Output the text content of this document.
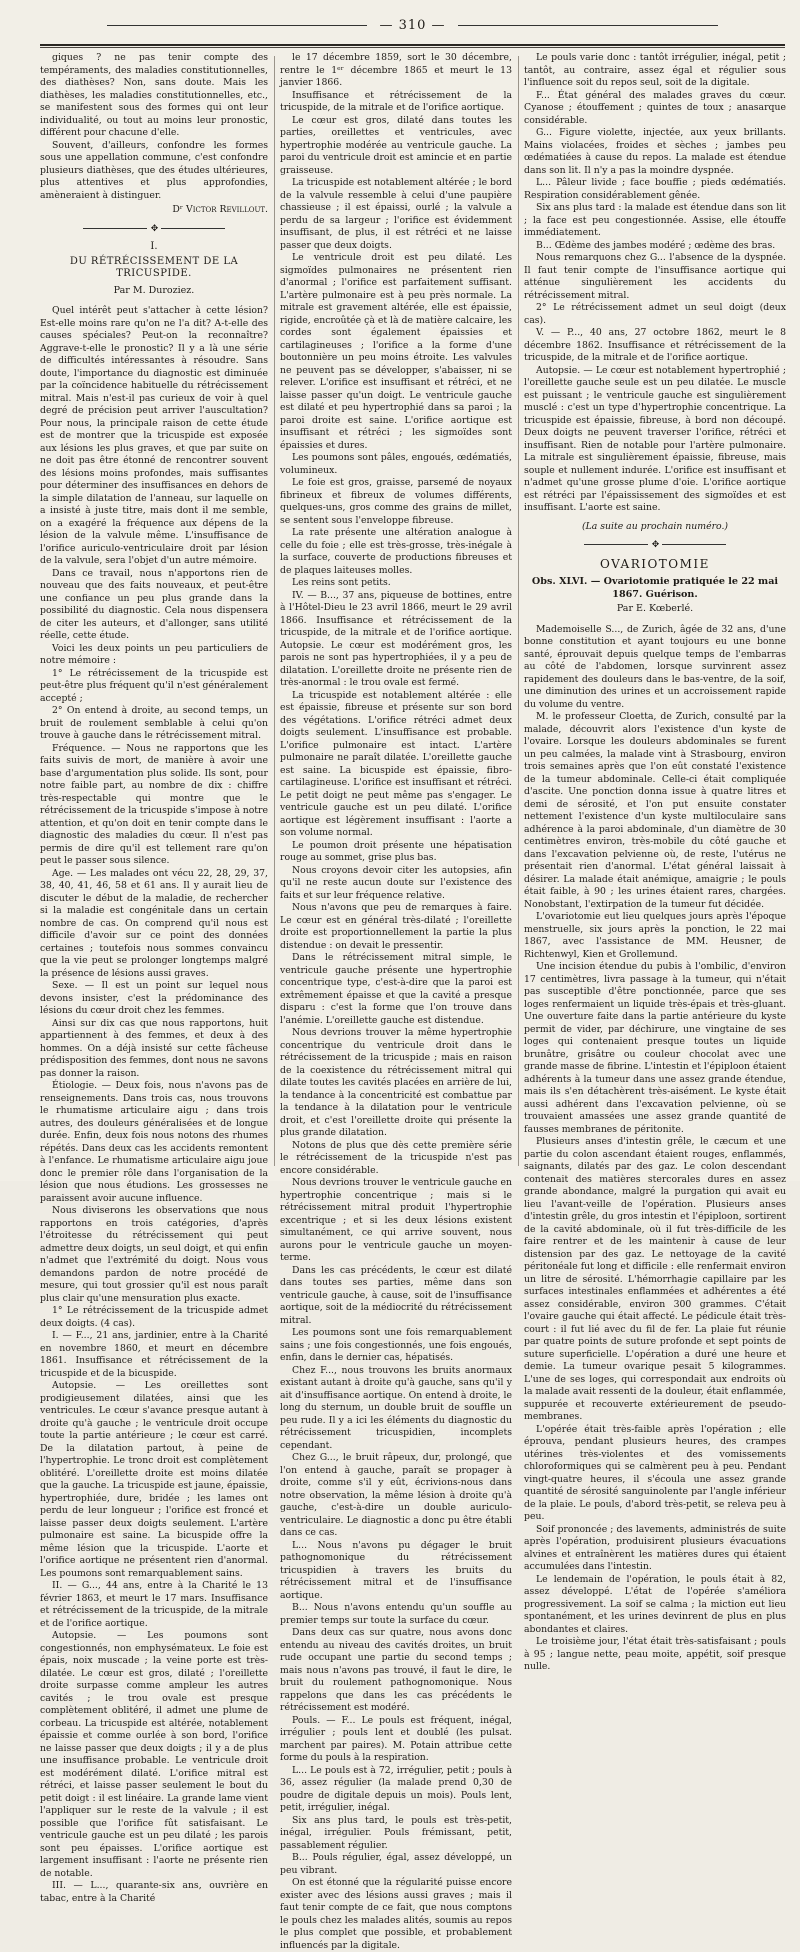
— 310 —

giques ? ne pas tenir compte des tempéraments, des maladies constitutionnelles, des diathèses? Non, sans doute. Mais les diathèses, les maladies constitutionnelles, etc., se manifestent sous des formes qui ont leur individualité, ou tout au moins leur pronostic, différent pour chacune d'elle.

Souvent, d'ailleurs, confondre les formes sous une appellation commune, c'est confondre plusieurs diathèses, que des études ultérieures, plus attentives et plus approfondies, amèneraient à distinguer.

Dʳ Victor Revillout.
✥
I.
DU RÉTRÉCISSEMENT DE LA TRICUSPIDE.
Par M. Duroziez.

Quel intérêt peut s'attacher à cette lésion? Est-elle moins rare qu'on ne l'a dit? A-t-elle des causes spéciales? Peut-on la reconnaître? Aggrave-t-elle le pronostic? Il y a là une série de difficultés intéressantes à résoudre. Sans doute, l'importance du diagnostic est diminuée par la coïncidence habituelle du rétrécissement mitral. Mais n'est-il pas curieux de voir à quel degré de précision peut arriver l'auscultation? Pour nous, la principale raison de cette étude est de montrer que la tricuspide est exposée aux lésions les plus graves, et que par suite on ne doit pas être étonné de rencontrer souvent des lésions moins profondes, mais suffisantes pour déterminer des insuffisances en dehors de la simple dilatation de l'anneau, sur laquelle on a insisté à juste titre, mais dont il me semble, on a exagéré la fréquence aux dépens de la lésion de la valvule même. L'insuffisance de l'orifice auriculo-ventriculaire droit par lésion de la valvule, sera l'objet d'un autre mémoire.

Dans ce travail, nous n'apportons rien de nouveau que des faits nouveaux, et peut-être une confiance un peu plus grande dans la possibilité du diagnostic. Cela nous dispensera de citer les auteurs, et d'allonger, sans utilité réelle, cette étude.

Voici les deux points un peu particuliers de notre mémoire :

1° Le rétrécissement de la tricuspide est peut-être plus fréquent qu'il n'est généralement accepté ;

2° On entend à droite, au second temps, un bruit de roulement semblable à celui qu'on trouve à gauche dans le rétrécissement mitral.

Fréquence. — Nous ne rapportons que les faits suivis de mort, de manière à avoir une base d'argumentation plus solide. Ils sont, pour notre faible part, au nombre de dix : chiffre très-respectable qui montre que le rétrécissement de la tricuspide s'impose à notre attention, et qu'on doit en tenir compte dans le diagnostic des maladies du cœur. Il n'est pas permis de dire qu'il est tellement rare qu'on peut le passer sous silence.

Age. — Les malades ont vécu 22, 28, 29, 37, 38, 40, 41, 46, 58 et 61 ans. Il y aurait lieu de discuter le début de la maladie, de rechercher si la maladie est congénitale dans un certain nombre de cas. On comprend qu'il nous est difficile d'avoir sur ce point des données certaines ; toutefois nous sommes convaincu que la vie peut se prolonger longtemps malgré la présence de lésions aussi graves.

Sexe. — Il est un point sur lequel nous devons insister, c'est la prédominance des lésions du cœur droit chez les femmes.

Ainsi sur dix cas que nous rapportons, huit appartiennent à des femmes, et deux à des hommes. On a déjà insisté sur cette fâcheuse prédisposition des femmes, dont nous ne savons pas donner la raison.

Étiologie. — Deux fois, nous n'avons pas de renseignements. Dans trois cas, nous trouvons le rhumatisme articulaire aigu ; dans trois autres, des douleurs généralisées et de longue durée. Enfin, deux fois nous notons des rhumes répétés. Dans deux cas les accidents remontent à l'enfance. Le rhumatisme articulaire aigu joue donc le premier rôle dans l'organisation de la lésion que nous étudions. Les grossesses ne paraissent avoir aucune influence.

Nous diviserons les observations que nous rapportons en trois catégories, d'après l'étroitesse du rétrécissement qui peut admettre deux doigts, un seul doigt, et qui enfin n'admet que l'extrémité du doigt. Nous vous demandons pardon de notre procédé de mesure, qui tout grossier qu'il est nous paraît plus clair qu'une mensuration plus exacte.

1° Le rétrécissement de la tricuspide admet deux doigts. (4 cas).

I. — F..., 21 ans, jardinier, entre à la Charité en novembre 1860, et meurt en décembre 1861. Insuffisance et rétrécissement de la tricuspide et de la bicuspide.

Autopsie. — Les oreillettes sont prodigieusement dilatées, ainsi que les ventricules. Le cœur s'avance presque autant à droite qu'à gauche ; le ventricule droit occupe toute la partie antérieure ; le cœur est carré. De la dilatation partout, à peine de l'hypertrophie. Le tronc droit est complètement oblitéré. L'oreillette droite est moins dilatée que la gauche. La tricuspide est jaune, épaissie, hypertrophiée, dure, bridée ; les lames ont perdu de leur longueur ; l'orifice est froncé et laisse passer deux doigts seulement. L'artère pulmonaire est saine. La bicuspide offre la même lésion que la tricuspide. L'aorte et l'orifice aortique ne présentent rien d'anormal. Les poumons sont remarquablement sains.

II. — G..., 44 ans, entre à la Charité le 13 février 1863, et meurt le 17 mars. Insuffisance et rétrécissement de la tricuspide, de la mitrale et de l'orifice aortique.

Autopsie. — Les poumons sont congestionnés, non emphysémateux. Le foie est épais, noix muscade ; la veine porte est très-dilatée. Le cœur est gros, dilaté ; l'oreillette droite surpasse comme ampleur les autres cavités ; le trou ovale est presque complètement oblitéré, il admet une plume de corbeau. La tricuspide est altérée, notablement épaissie et comme ourlée à son bord, l'orifice ne laisse passer que deux doigts ; il y a de plus une insuffisance probable. Le ventricule droit est modérément dilaté. L'orifice mitral est rétréci, et laisse passer seulement le bout du petit doigt : il est linéaire. La grande lame vient l'appliquer sur le reste de la valvule ; il est possible que l'orifice fût satisfaisant. Le ventricule gauche est un peu dilaté ; les parois sont peu épaisses. L'orifice aortique est largement insuffisant : l'aorte ne présente rien de notable.

III. — L..., quarante-six ans, ouvrière en tabac, entre à la Charité

le 17 décembre 1859, sort le 30 décembre, rentre le 1ᵉʳ décembre 1865 et meurt le 13 janvier 1866.

Insuffisance et rétrécissement de la tricuspide, de la mitrale et de l'orifice aortique.

Le cœur est gros, dilaté dans toutes les parties, oreillettes et ventricules, avec hypertrophie modérée au ventricule gauche. La paroi du ventricule droit est amincie et en partie graisseuse.

La tricuspide est notablement altérée ; le bord de la valvule ressemble à celui d'une paupière chassieuse ; il est épaissi, ourlé ; la valvule a perdu de sa largeur ; l'orifice est évidemment insuffisant, de plus, il est rétréci et ne laisse passer que deux doigts.

Le ventricule droit est peu dilaté. Les sigmoïdes pulmonaires ne présentent rien d'anormal ; l'orifice est parfaitement suffisant. L'artère pulmonaire est à peu près normale. La mitrale est gravement altérée, elle est épaissie, rigide, encroûtée çà et là de matière calcaire, les cordes sont également épaissies et cartilagineuses ; l'orifice a la forme d'une boutonnière un peu moins étroite. Les valvules ne peuvent pas se développer, s'abaisser, ni se relever. L'orifice est insuffisant et rétréci, et ne laisse passer qu'un doigt. Le ventricule gauche est dilaté et peu hypertrophié dans sa paroi ; la paroi droite est saine. L'orifice aortique est insuffisant et rétréci ; les sigmoïdes sont épaissies et dures.

Les poumons sont pâles, engoués, œdématiés, volumineux.

Le foie est gros, graisse, parsemé de noyaux fibrineux et fibreux de volumes différents, quelques-uns, gros comme des grains de millet, se sentent sous l'enveloppe fibreuse.

La rate présente une altération analogue à celle du foie ; elle est très-grosse, très-inégale à la surface, couverte de productions fibreuses et de plaques laiteuses molles.

Les reins sont petits.

IV. — B..., 37 ans, piqueuse de bottines, entre à l'Hôtel-Dieu le 23 avril 1866, meurt le 29 avril 1866. Insuffisance et rétrécissement de la tricuspide, de la mitrale et de l'orifice aortique. Autopsie. Le cœur est modérément gros, les parois ne sont pas hypertrophiées, il y a peu de dilatation. L'oreillette droite ne présente rien de très-anormal : le trou ovale est fermé.

La tricuspide est notablement altérée : elle est épaissie, fibreuse et présente sur son bord des végétations. L'orifice rétréci admet deux doigts seulement. L'insuffisance est probable. L'orifice pulmonaire est intact. L'artère pulmonaire ne paraît dilatée. L'oreillette gauche est saine. La bicuspide est épaissie, fibro-cartilagineuse. L'orifice est insuffisant et rétréci. Le petit doigt ne peut même pas s'engager. Le ventricule gauche est un peu dilaté. L'orifice aortique est légèrement insuffisant : l'aorte a son volume normal.

Le poumon droit présente une hépatisation rouge au sommet, grise plus bas.

Nous croyons devoir citer les autopsies, afin qu'il ne reste aucun doute sur l'existence des faits et sur leur fréquence relative.

Nous n'avons que peu de remarques à faire. Le cœur est en général très-dilaté ; l'oreillette droite est proportionnellement la partie la plus distendue : on devait le pressentir.

Dans le rétrécissement mitral simple, le ventricule gauche présente une hypertrophie concentrique type, c'est-à-dire que la paroi est extrêmement épaisse et que la cavité a presque disparu : c'est la forme que l'on trouve dans l'anémie. L'oreillette gauche est distendue.

Nous devrions trouver la même hypertrophie concentrique du ventricule droit dans le rétrécissement de la tricuspide ; mais en raison de la coexistence du rétrécissement mitral qui dilate toutes les cavités placées en arrière de lui, la tendance à la concentricité est combattue par la tendance à la dilatation pour le ventricule droit, et c'est l'oreillette droite qui présente la plus grande dilatation.

Notons de plus que dès cette première série le rétrécissement de la tricuspide n'est pas encore considérable.

Nous devrions trouver le ventricule gauche en hypertrophie concentrique ; mais si le rétrécissement mitral produit l'hypertrophie excentrique ; et si les deux lésions existent simultanément, ce qui arrive souvent, nous aurons pour le ventricule gauche un moyen-terme.

Dans les cas précédents, le cœur est dilaté dans toutes ses parties, même dans son ventricule gauche, à cause, soit de l'insuffisance aortique, soit de la médiocrité du rétrécissement mitral.

Les poumons sont une fois remarquablement sains ; une fois congestionnés, une fois engoués, enfin, dans le dernier cas, hépatisés.

Chez F..., nous trouvons les bruits anormaux existant autant à droite qu'à gauche, sans qu'il y ait d'insuffisance aortique. On entend à droite, le long du sternum, un double bruit de souffle un peu rude. Il y a ici les éléments du diagnostic du rétrécissement tricuspidien, incomplets cependant.

Chez G..., le bruit râpeux, dur, prolongé, que l'on entend à gauche, paraît se propager à droite, comme s'il y eût, écrivions-nous dans notre observation, la même lésion à droite qu'à gauche, c'est-à-dire un double auriculo-ventriculaire. Le diagnostic a donc pu être établi dans ce cas.

L... Nous n'avons pu dégager le bruit pathognomonique du rétrécissement tricuspidien à travers les bruits du rétrécissement mitral et de l'insuffisance aortique.

B... Nous n'avons entendu qu'un souffle au premier temps sur toute la surface du cœur.

Dans deux cas sur quatre, nous avons donc entendu au niveau des cavités droites, un bruit rude occupant une partie du second temps ; mais nous n'avons pas trouvé, il faut le dire, le bruit du roulement pathognomonique. Nous rappelons que dans les cas précédents le rétrécissement est modéré.

Pouls. — F... Le pouls est fréquent, inégal, irrégulier ; pouls lent et doublé (les pulsat. marchent par paires). M. Potain attribue cette forme du pouls à la respiration.

L... Le pouls est à 72, irrégulier, petit ; pouls à 36, assez régulier (la malade prend 0,30 de poudre de digitale depuis un mois). Pouls lent, petit, irrégulier, inégal.

Six ans plus tard, le pouls est très-petit, inégal, irrégulier. Pouls frémissant, petit, passablement régulier.

B... Pouls régulier, égal, assez développé, un peu vibrant.

On est étonné que la régularité puisse encore exister avec des lésions aussi graves ; mais il faut tenir compte de ce fait, que nous comptons le pouls chez les malades alités, soumis au repos le plus complet que possible, et probablement influencés par la digitale.

Le pouls varie donc : tantôt irrégulier, inégal, petit ; tantôt, au contraire, assez égal et régulier sous l'influence soit du repos seul, soit de la digitale.

F... État général des malades graves du cœur. Cyanose ; étouffement ; quintes de toux ; anasarque considérable.

G... Figure violette, injectée, aux yeux brillants. Mains violacées, froides et sèches ; jambes peu œdématiées à cause du repos. La malade est étendue dans son lit. Il n'y a pas la moindre dyspnée.

L... Pâleur livide ; face bouffie ; pieds œdématiés. Respiration considérablement gênée.

Six ans plus tard : la malade est étendue dans son lit ; la face est peu congestionnée. Assise, elle étouffe immédiatement.

B... Œdème des jambes modéré ; œdème des bras.

Nous remarquons chez G... l'absence de la dyspnée. Il faut tenir compte de l'insuffisance aortique qui atténue singulièrement les accidents du rétrécissement mitral.

2° Le rétrécissement admet un seul doigt (deux cas).

V. — P..., 40 ans, 27 octobre 1862, meurt le 8 décembre 1862. Insuffisance et rétrécissement de la tricuspide, de la mitrale et de l'orifice aortique.

Autopsie. — Le cœur est notablement hypertrophié ; l'oreillette gauche seule est un peu dilatée. Le muscle est puissant ; le ventricule gauche est singulièrement musclé : c'est un type d'hypertrophie concentrique. La tricuspide est épaissie, fibreuse, à bord non découpé. Deux doigts ne peuvent traverser l'orifice, rétréci et insuffisant. Rien de notable pour l'artère pulmonaire. La mitrale est singulièrement épaissie, fibreuse, mais souple et nullement indurée. L'orifice est insuffisant et n'admet qu'une grosse plume d'oie. L'orifice aortique est rétréci par l'épaississement des sigmoïdes et est insuffisant. L'aorte est saine.

(La suite au prochain numéro.)
✥
OVARIOTOMIE
Obs. XLVI. — Ovariotomie pratiquée le 22 mai 1867. Guérison.
Par E. Kœberlé.

Mademoiselle S..., de Zurich, âgée de 32 ans, d'une bonne constitution et ayant toujours eu une bonne santé, éprouvait depuis quelque temps de l'embarras au côté de l'abdomen, lorsque survinrent assez rapidement des douleurs dans le bas-ventre, de la soif, une diminution des urines et un accroissement rapide du volume du ventre.

M. le professeur Cloetta, de Zurich, consulté par la malade, découvrit alors l'existence d'un kyste de l'ovaire. Lorsque les douleurs abdominales se furent un peu calmées, la malade vint à Strasbourg, environ trois semaines après que l'on eût constaté l'existence de la tumeur abdominale. Celle-ci était compliquée d'ascite. Une ponction donna issue à quatre litres et demi de sérosité, et l'on put ensuite constater nettement l'existence d'un kyste multiloculaire sans adhérence à la paroi abdominale, d'un diamètre de 30 centimètres environ, très-mobile du côté gauche et dans l'excavation pelvienne où, de reste, l'utérus ne présentait rien d'anormal. L'état général laissait à désirer. La malade était anémique, amaigrie ; le pouls était faible, à 90 ; les urines étaient rares, chargées. Nonobstant, l'extirpation de la tumeur fut décidée.

L'ovariotomie eut lieu quelques jours après l'époque menstruelle, six jours après la ponction, le 22 mai 1867, avec l'assistance de MM. Heusner, de Richtenwyl, Kien et Grollemund.

Une incision étendue du pubis à l'ombilic, d'environ 17 centimètres, livra passage à la tumeur, qui n'était pas susceptible d'être ponctionnée, parce que ses loges renfermaient un liquide très-épais et très-gluant. Une ouverture faite dans la partie antérieure du kyste permit de vider, par déchirure, une vingtaine de ses loges qui contenaient presque toutes un liquide brunâtre, grisâtre ou couleur chocolat avec une grande masse de fibrine. L'intestin et l'épiploon étaient adhérents à la tumeur dans une assez grande étendue, mais ils s'en détachèrent très-aisément. Le kyste était aussi adhérent dans l'excavation pelvienne, où se trouvaient amassées une assez grande quantité de fausses membranes de péritonite.

Plusieurs anses d'intestin grêle, le cæcum et une partie du colon ascendant étaient rouges, enflammés, saignants, dilatés par des gaz. Le colon descendant contenait des matières stercorales dures en assez grande abondance, malgré la purgation qui avait eu lieu l'avant-veille de l'opération. Plusieurs anses d'intestin grêle, du gros intestin et l'épiploon, sortirent de la cavité abdominale, où il fut très-difficile de les faire rentrer et de les maintenir à cause de leur distension par des gaz. Le nettoyage de la cavité péritonéale fut long et difficile : elle renfermait environ un litre de sérosité. L'hémorrhagie capillaire par les surfaces intestinales enflammées et adhérentes a été assez considérable, environ 300 grammes. C'était l'ovaire gauche qui était affecté. Le pédicule était très-court : il fut lié avec du fil de fer. La plaie fut réunie par quatre points de suture profonde et sept points de suture superficielle. L'opération a duré une heure et demie. La tumeur ovarique pesait 5 kilogrammes. L'une de ses loges, qui correspondait aux endroits où la malade avait ressenti de la douleur, était enflammée, suppurée et recouverte extérieurement de pseudo-membranes.

L'opérée était très-faible après l'opération ; elle éprouva, pendant plusieurs heures, des crampes utérines très-violentes et des vomissements chloroformiques qui se calmèrent peu à peu. Pendant vingt-quatre heures, il s'écoula une assez grande quantité de sérosité sanguinolente par l'angle inférieur de la plaie. Le pouls, d'abord très-petit, se releva peu à peu.

Soif prononcée ; des lavements, administrés de suite après l'opération, produisirent plusieurs évacuations alvines et entraînèrent les matières dures qui étaient accumulées dans l'intestin.

Le lendemain de l'opération, le pouls était à 82, assez développé. L'état de l'opérée s'améliora progressivement. La soif se calma ; la miction eut lieu spontanément, et les urines devinrent de plus en plus abondantes et claires.

Le troisième jour, l'état était très-satisfaisant ; pouls à 95 ; langue nette, peau moite, appétit, soif presque nulle.
